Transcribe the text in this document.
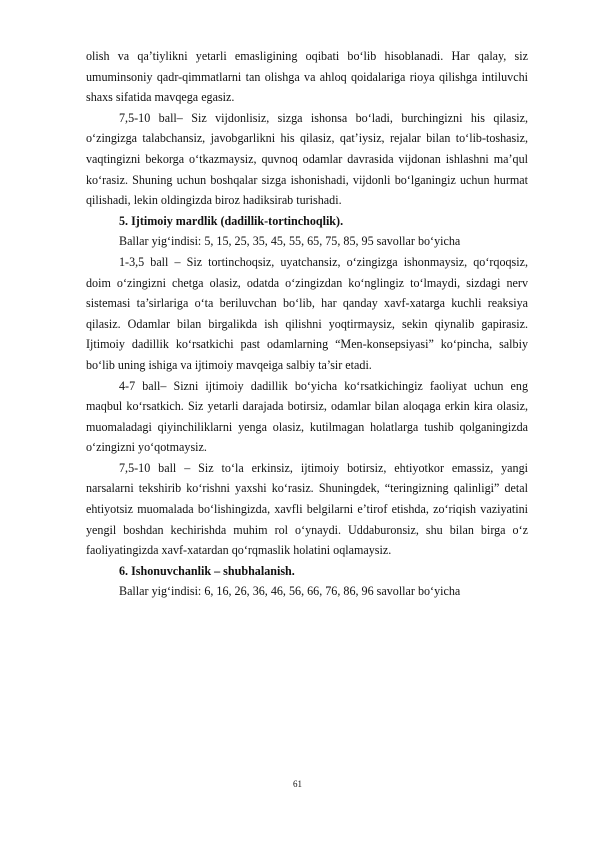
olish va qa’tiylikni yetarli emasligining oqibati bo‘lib hisoblanadi. Har qalay, siz umuminsoniy qadr-qimmatlarni tan olishga va ahloq qoidalariga rioya qilishga intiluvchi shaxs sifatida mavqega egasiz.

7,5-10 ball– Siz vijdonlisiz, sizga ishonsa bo‘ladi, burchingizni his qilasiz, o‘zingizga talabchansiz, javobgarlikni his qilasiz, qat’iysiz, rejalar bilan to‘lib-toshasiz, vaqtingizni bekorga o‘tkazmaysiz, quvnoq odamlar davrasida vijdonan ishlashni ma’qul ko‘rasiz. Shuning uchun boshqalar sizga ishonishadi, vijdonli bo‘lganingiz uchun hurmat qilishadi, lekin oldingizda biroz hadiksirab turishadi.

5. Ijtimoiy mardlik (dadillik-tortinchoqlik).

Ballar yig‘indisi: 5, 15, 25, 35, 45, 55, 65, 75, 85, 95 savollar bo‘yicha

1-3,5 ball – Siz tortinchoqsiz, uyatchansiz, o‘zingizga ishonmaysiz, qo‘rqoqsiz, doim o‘zingizni chetga olasiz, odatda o‘zingizdan ko‘nglingiz to‘lmaydi, sizdagi nerv sistemasi ta’sirlariga o‘ta beriluvchan bo‘lib, har qanday xavf-xatarga kuchli reaksiya qilasiz. Odamlar bilan birgalikda ish qilishni yoqtirmaysiz, sekin qiynalib gapirasiz. Ijtimoiy dadillik ko‘rsatkichi past odamlarning “Men-konsepsiyasi” ko‘pincha, salbiy bo‘lib uning ishiga va ijtimoiy mavqeiga salbiy ta’sir etadi.

4-7 ball– Sizni ijtimoiy dadillik bo‘yicha ko‘rsatkichingiz faoliyat uchun eng maqbul ko‘rsatkich. Siz yetarli darajada botirsiz, odamlar bilan aloqaga erkin kira olasiz, muomaladagi qiyinchiliklarni yenga olasiz, kutilmagan holatlarga tushib qolganingizda o‘zingizni yo‘qotmaysiz.

7,5-10 ball – Siz to‘la erkinsiz, ijtimoiy botirsiz, ehtiyotkor emassiz, yangi narsalarni tekshirib ko‘rishni yaxshi ko‘rasiz. Shuningdek, “teringizning qalinligi” detal ehtiyotsiz muomalada bo‘lishingizda, xavfli belgilarni e’tirof etishda, zo‘riqish vaziyatini yengil boshdan kechirishda muhim rol o‘ynaydi. Uddaburonsiz, shu bilan birga o‘z faoliyatingizda xavf-xatardan qo‘rqmaslik holatini oqlamaysiz.

6. Ishonuvchanlik – shubhalanish.

Ballar yig‘indisi: 6, 16, 26, 36, 46, 56, 66, 76, 86, 96 savollar bo‘yicha

61
